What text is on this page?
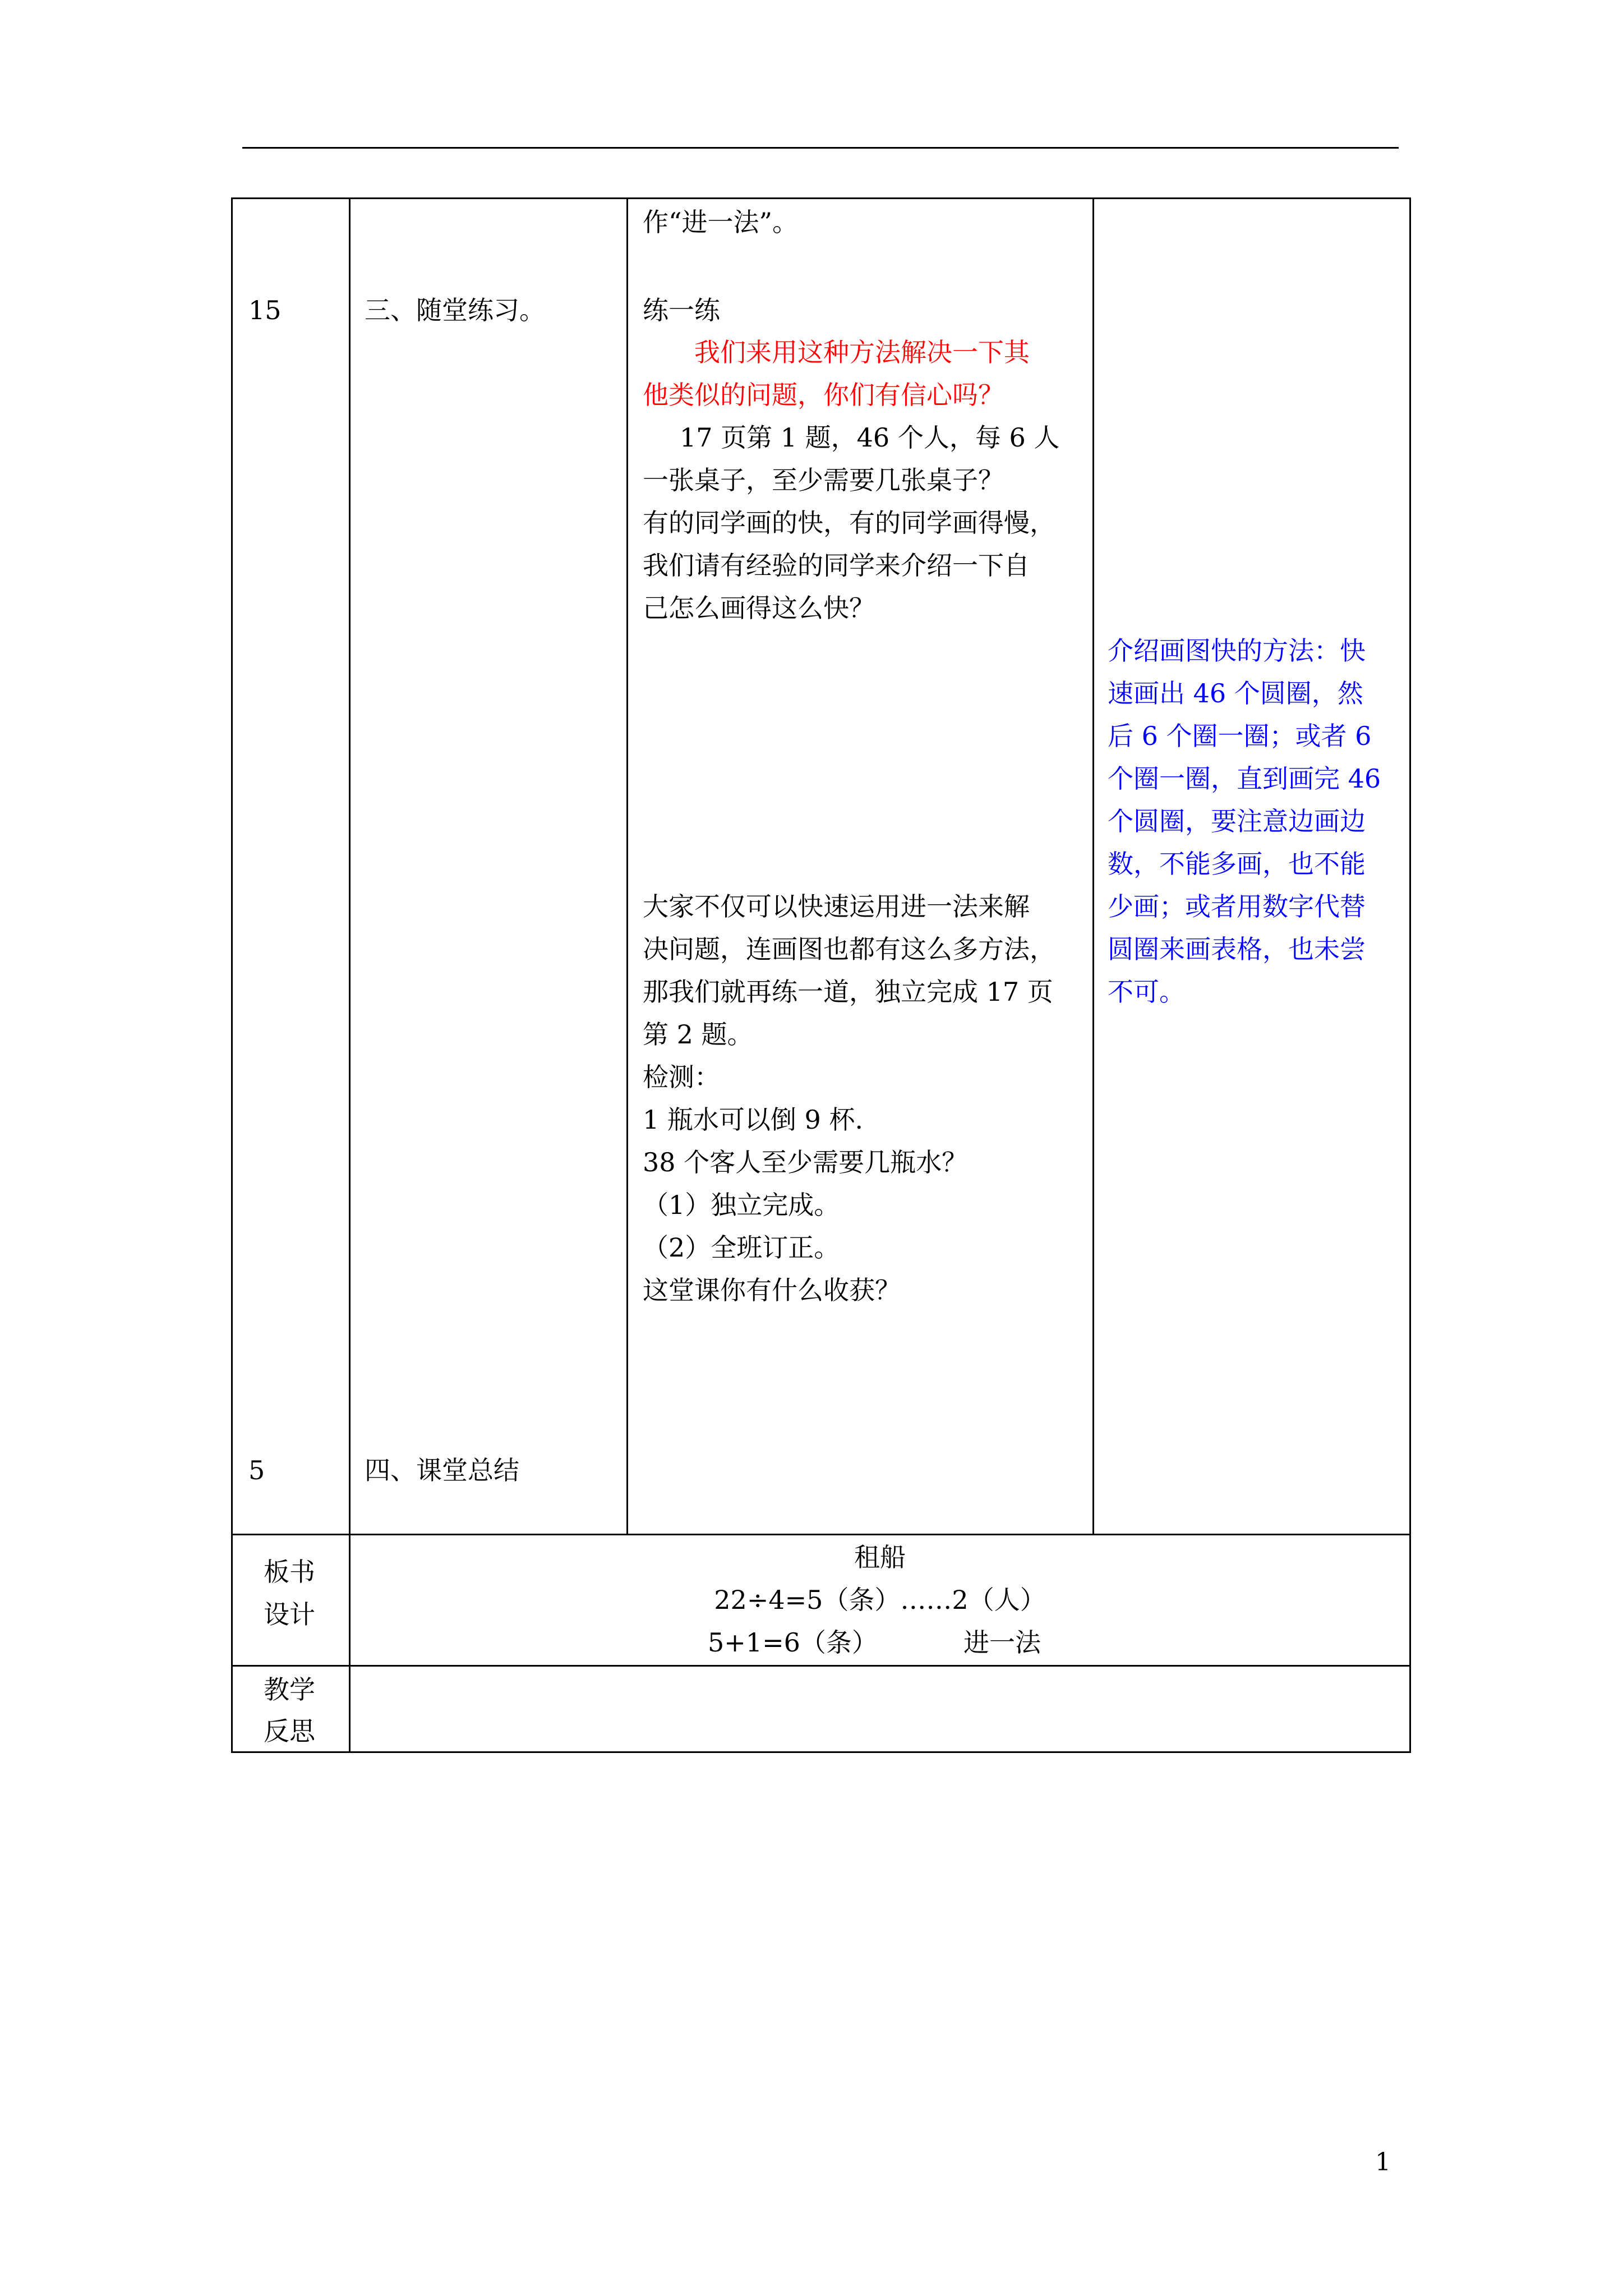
15
5
三、随堂练习。
四、课堂总结
作“进一法”。
练一练
我们来用这种方法解决一下其
他类似的问题，你们有信心吗？
17 页第 1 题，46 个人，每 6 人
一张桌子，至少需要几张桌子？
有的同学画的快，有的同学画得慢，
我们请有经验的同学来介绍一下自
己怎么画得这么快？
大家不仅可以快速运用进一法来解
决问题，连画图也都有这么多方法，
那我们就再练一道，独立完成 17 页
第 2 题。
检测：
1 瓶水可以倒 9 杯.
38 个客人至少需要几瓶水？
（1）独立完成。
（2）全班订正。
这堂课你有什么收获？
介绍画图快的方法：快
速画出 46 个圆圈，然
后 6 个圈一圈；或者 6
个圈一圈，直到画完 46
个圆圈，要注意边画边
数，不能多画，也不能
少画；或者用数字代替
圆圈来画表格，也未尝
不可。
板书
设计
租船
22÷4=5（条）……2（人）
5+1=6（条）	进一法
教学
反思
1
